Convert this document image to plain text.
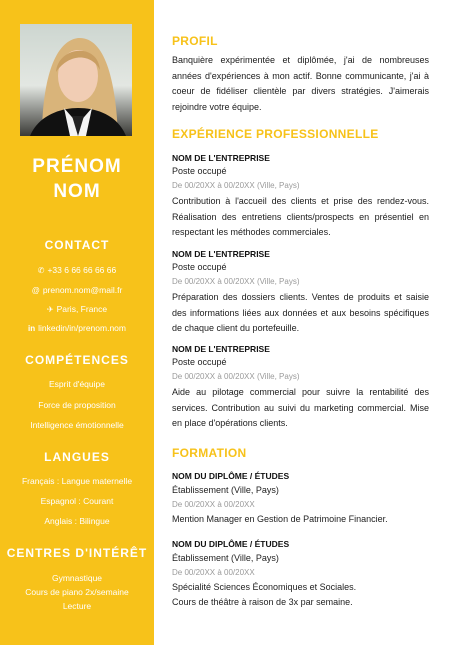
PRÉNOM
NOM
CONTACT
✆ +33 6 66 66 66 66
@ prenom.nom@mail.fr
✈ Paris, France
in linkedin/in/prenom.nom
COMPÉTENCES
Esprit d'équipe
Force de proposition
Intelligence émotionnelle
LANGUES
Français : Langue maternelle
Espagnol : Courant
Anglais : Bilingue
CENTRES D'INTÉRÊT
Gymnastique
Cours de piano 2x/semaine
Lecture
PROFIL
Banquière expérimentée et diplômée, j'ai de nombreuses années d'expériences à mon actif. Bonne communicante, j'ai à coeur de fidéliser clientèle par divers stratégies. J'aimerais rejoindre votre équipe.
EXPÉRIENCE PROFESSIONNELLE
NOM DE L'ENTREPRISE
Poste occupé
De 00/20XX à 00/20XX (Ville, Pays)
Contribution à l'accueil des clients et prise des rendez-vous. Réalisation des entretiens clients/prospects en présentiel en respectant les méthodes commerciales.
NOM DE L'ENTREPRISE
Poste occupé
De 00/20XX à 00/20XX (Ville, Pays)
Préparation des dossiers clients. Ventes de produits et saisie des informations liées aux données et aux besoins spécifiques de chaque client du portefeuille.
NOM DE L'ENTREPRISE
Poste occupé
De 00/20XX à 00/20XX (Ville, Pays)
Aide au pilotage commercial pour suivre la rentabilité des services. Contribution au suivi du marketing commercial. Mise en place d'opérations clients.
FORMATION
NOM DU DIPLÔME / ÉTUDES
Établissement (Ville, Pays)
De 00/20XX à 00/20XX
Mention Manager en Gestion de Patrimoine Financier.
NOM DU DIPLÔME / ÉTUDES
Établissement (Ville, Pays)
De 00/20XX à 00/20XX
Spécialité Sciences Économiques et Sociales.
Cours de théâtre à raison de 3x par semaine.
